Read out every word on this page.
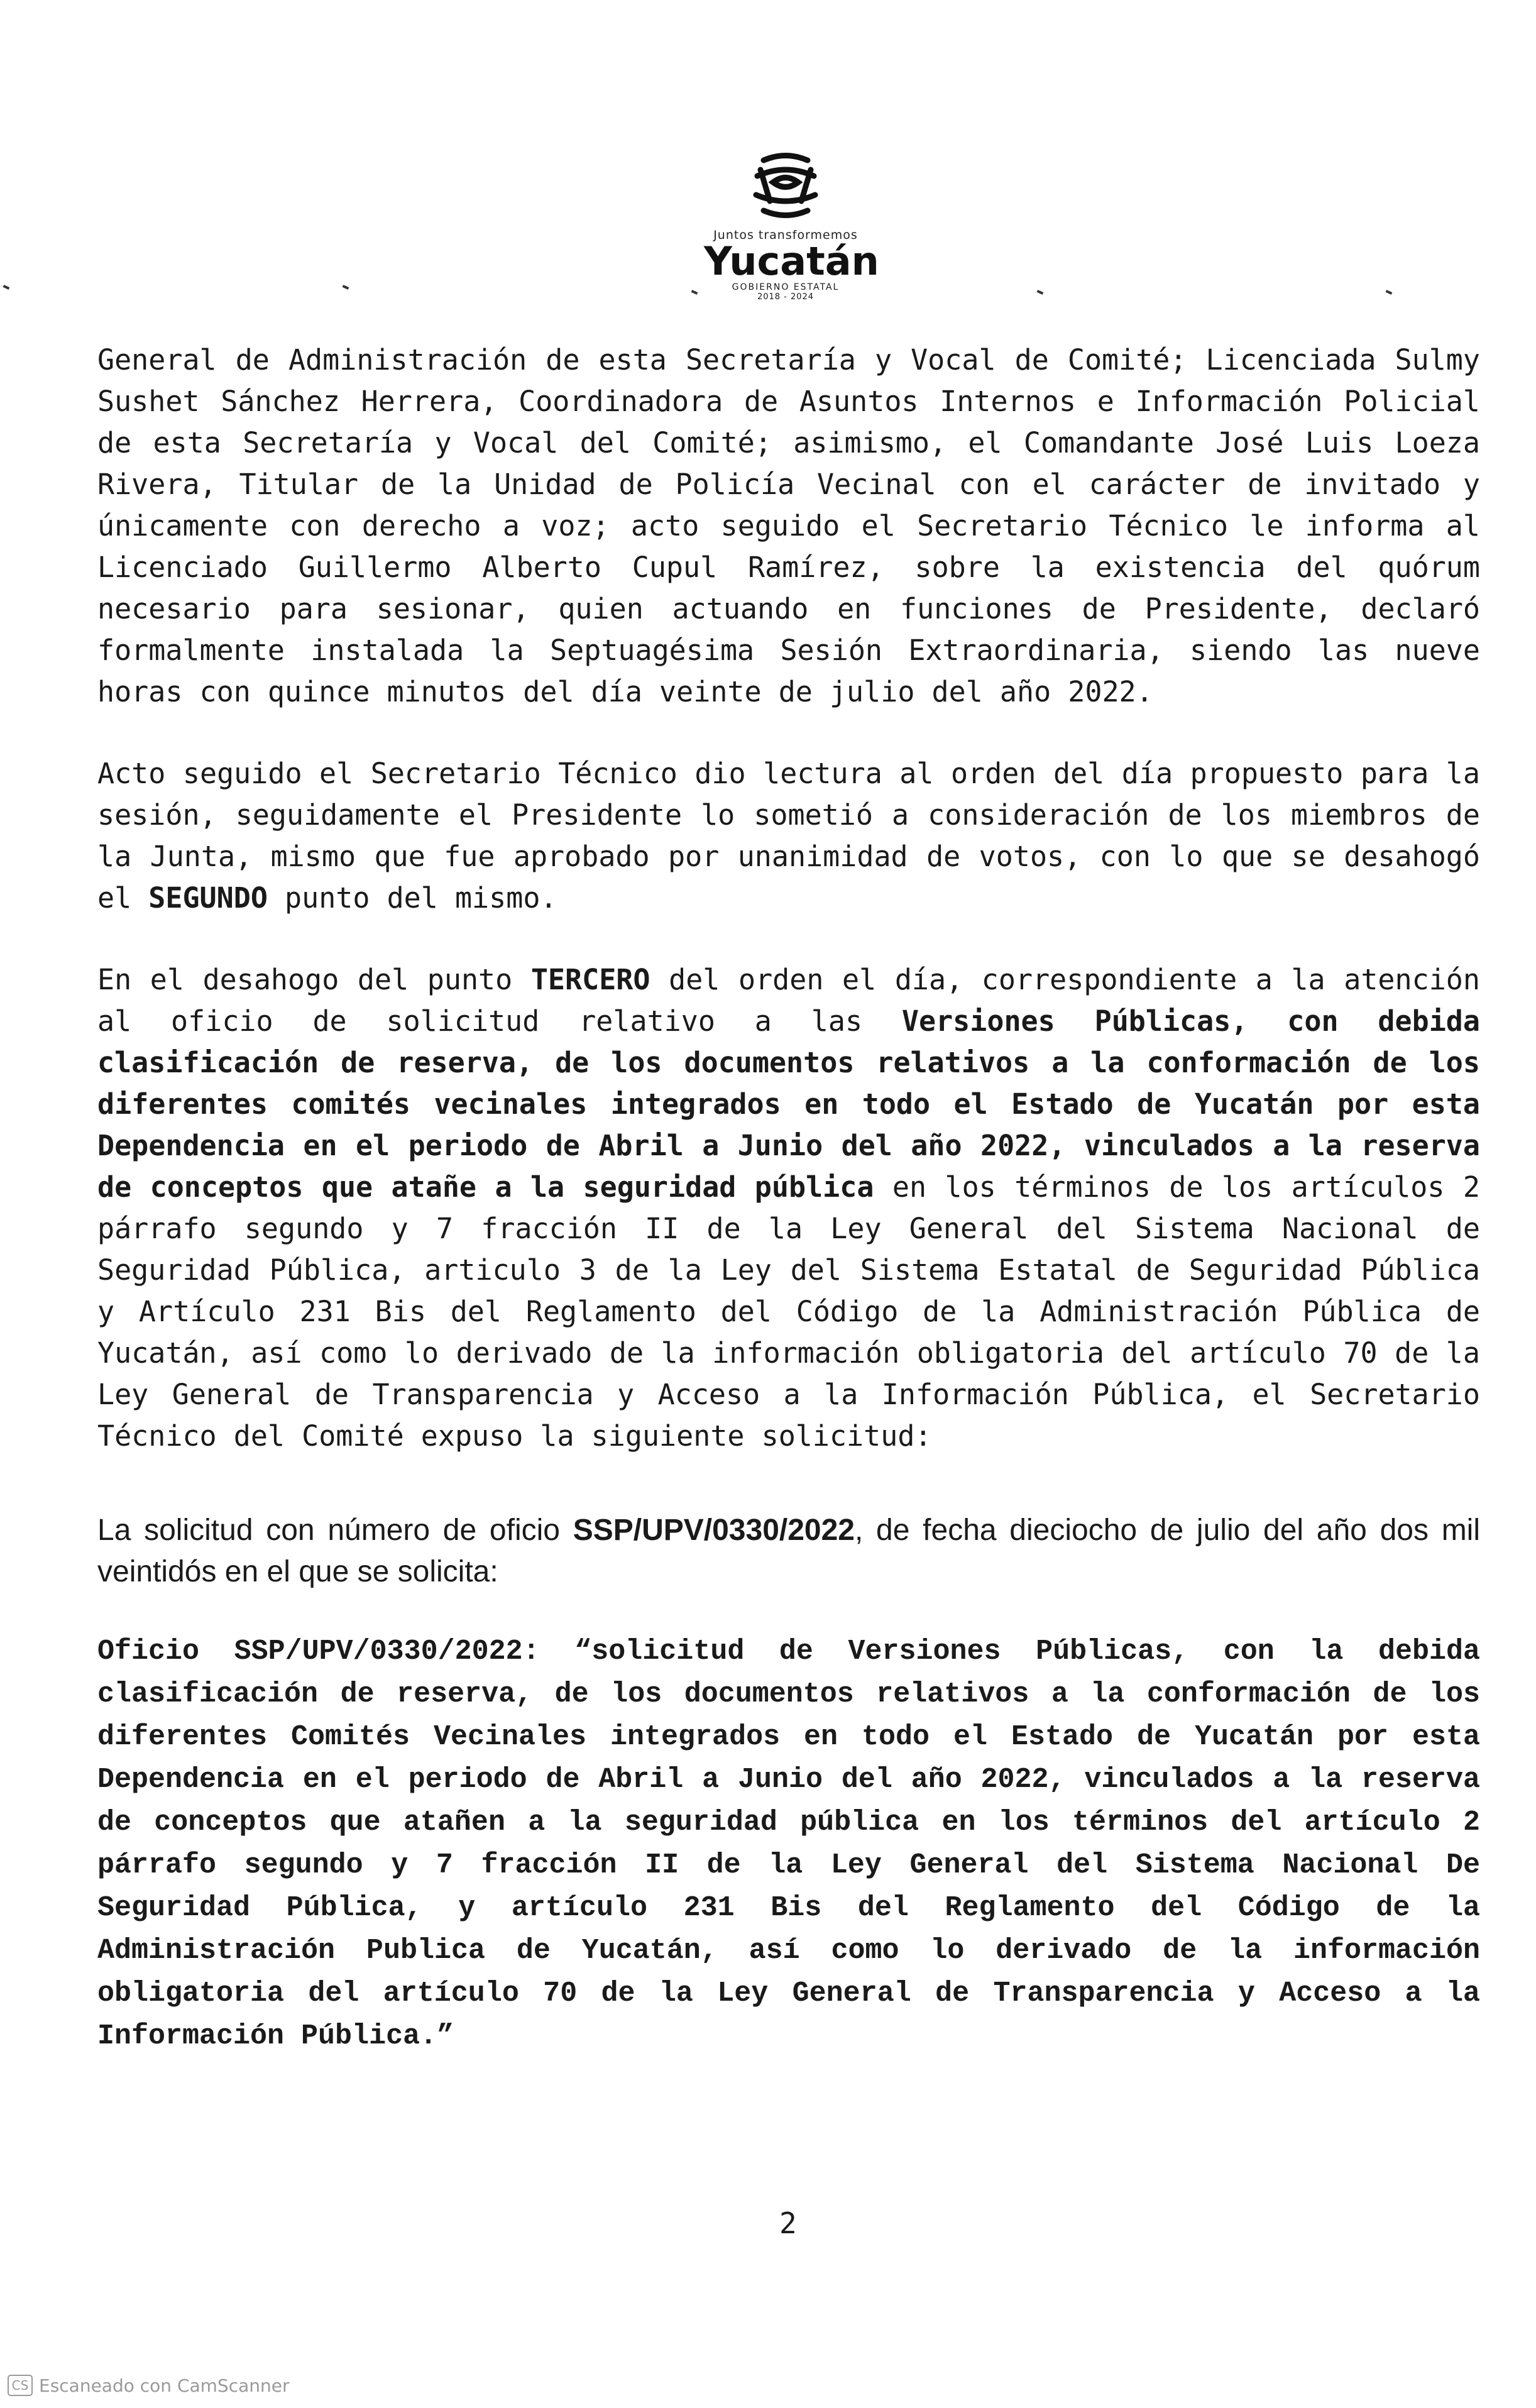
Juntos transformemos
Yucatán
GOBIERNO ESTATAL
2018 - 2024

General de Administración de esta Secretaría y Vocal de Comité; Licenciada Sulmy Sushet Sánchez Herrera, Coordinadora de Asuntos Internos e Información Policial de esta Secretaría y Vocal del Comité; asimismo, el Comandante José Luis Loeza Rivera, Titular de la Unidad de Policía Vecinal con el carácter de invitado y únicamente con derecho a voz; acto seguido el Secretario Técnico le informa al Licenciado Guillermo Alberto Cupul Ramírez, sobre la existencia del quórum necesario para sesionar, quien actuando en funciones de Presidente, declaró formalmente instalada la Septuagésima Sesión Extraordinaria, siendo las nueve horas con quince minutos del día veinte de julio del año 2022.

Acto seguido el Secretario Técnico dio lectura al orden del día propuesto para la sesión, seguidamente el Presidente lo sometió a consideración de los miembros de la Junta, mismo que fue aprobado por unanimidad de votos, con lo que se desahogó el SEGUNDO punto del mismo.

En el desahogo del punto TERCERO del orden el día, correspondiente a la atención al oficio de solicitud relativo a las Versiones Públicas, con debida clasificación de reserva, de los documentos relativos a la conformación de los diferentes comités vecinales integrados en todo el Estado de Yucatán por esta Dependencia en el periodo de Abril a Junio del año 2022, vinculados a la reserva de conceptos que atañe a la seguridad pública en los términos de los artículos 2 párrafo segundo y 7 fracción II de la Ley General del Sistema Nacional de Seguridad Pública, articulo 3 de la Ley del Sistema Estatal de Seguridad Pública y Artículo 231 Bis del Reglamento del Código de la Administración Pública de Yucatán, así como lo derivado de la información obligatoria del artículo 70 de la Ley General de Transparencia y Acceso a la Información Pública, el Secretario Técnico del Comité expuso la siguiente solicitud:

La solicitud con número de oficio SSP/UPV/0330/2022, de fecha dieciocho de julio del año dos mil veintidós en el que se solicita:

Oficio SSP/UPV/0330/2022: “solicitud de Versiones Públicas, con la debida clasificación de reserva, de los documentos relativos a la conformación de los diferentes Comités Vecinales integrados en todo el Estado de Yucatán por esta Dependencia en el periodo de Abril a Junio del año 2022, vinculados a la reserva de conceptos que atañen a la seguridad pública en los términos del artículo 2 párrafo segundo y 7 fracción II de la Ley General del Sistema Nacional De Seguridad Pública, y artículo 231 Bis del Reglamento del Código de la Administración Publica de Yucatán, así como lo derivado de la información obligatoria del artículo 70 de la Ley General de Transparencia y Acceso a la Información Pública.”

2
CS Escaneado con CamScanner
